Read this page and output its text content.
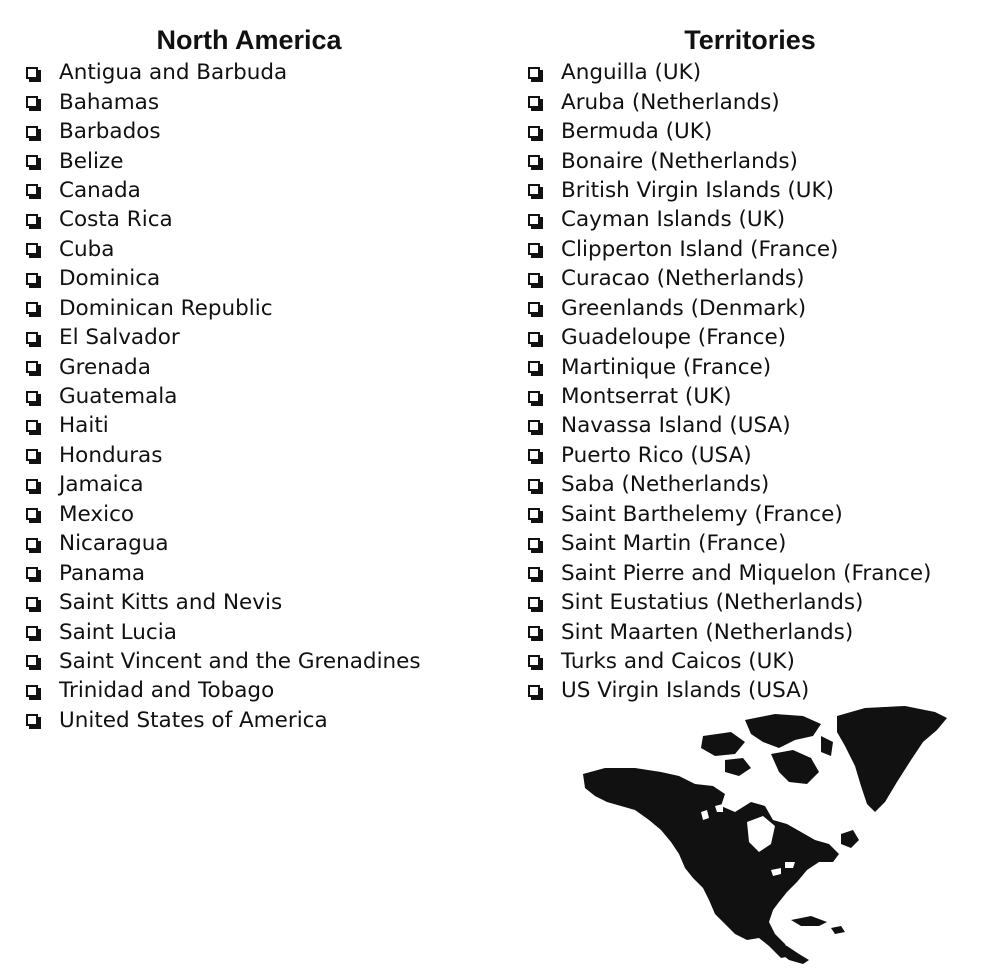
North America
Antigua and Barbuda
Bahamas
Barbados
Belize
Canada
Costa Rica
Cuba
Dominica
Dominican Republic
El Salvador
Grenada
Guatemala
Haiti
Honduras
Jamaica
Mexico
Nicaragua
Panama
Saint Kitts and Nevis
Saint Lucia
Saint Vincent and the Grenadines
Trinidad and Tobago
United States of America
Territories
Anguilla (UK)
Aruba (Netherlands)
Bermuda (UK)
Bonaire (Netherlands)
British Virgin Islands (UK)
Cayman Islands (UK)
Clipperton Island (France)
Curacao (Netherlands)
Greenlands (Denmark)
Guadeloupe (France)
Martinique (France)
Montserrat (UK)
Navassa Island (USA)
Puerto Rico (USA)
Saba (Netherlands)
Saint Barthelemy (France)
Saint Martin (France)
Saint Pierre and Miquelon (France)
Sint Eustatius (Netherlands)
Sint Maarten (Netherlands)
Turks and Caicos (UK)
US Virgin Islands (USA)
